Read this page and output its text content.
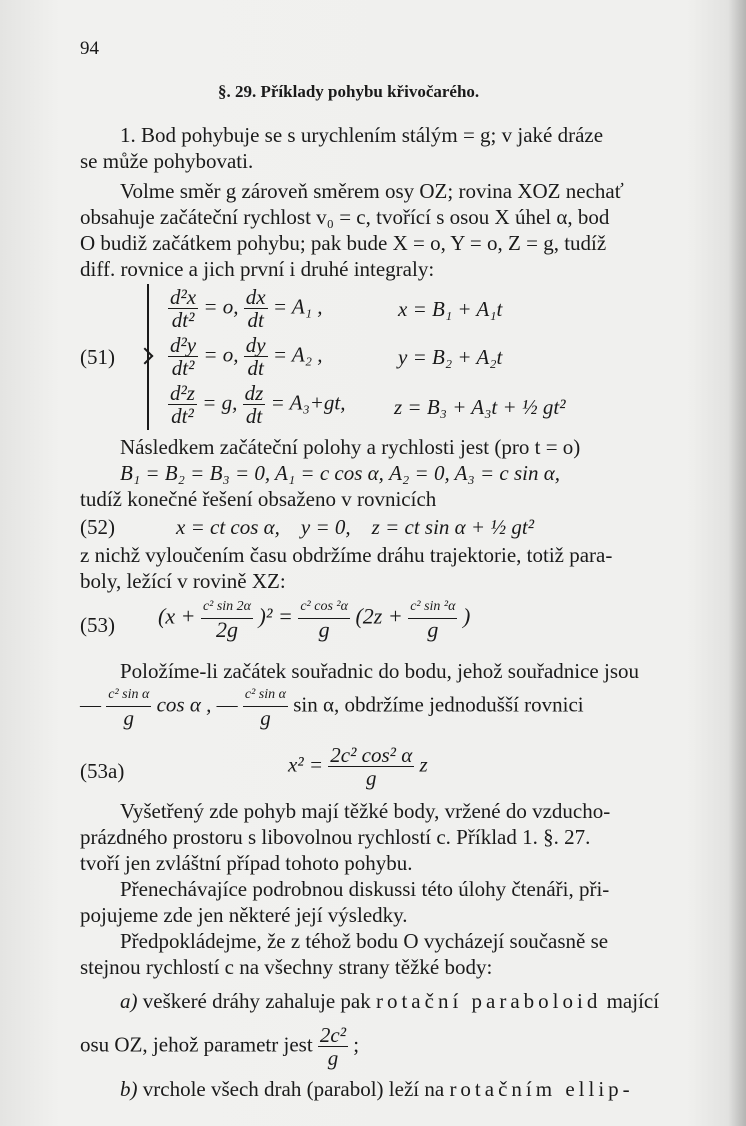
94
§. 29. Příklady pohybu křivočarého.
1. Bod pohybuje se s urychlením stálým = g; v jaké dráze
se může pohybovati.
Volme směr g zároveň směrem osy OZ; rovina XOZ nechať
obsahuje začáteční rychlost v₀ = c, tvořící s osou X úhel α, bod
O budiž začátkem pohybu; pak bude X = o, Y = o, Z = g, tudíž
diff. rovnice a jich první i druhé integraly:
(51)
$\frac{\text{d²x}}{\text{dt²}} = o$, $\frac{dx}{dt} = A_1$ ,	x = B₁ + A₁t
$\frac{\text{d²y}}{\text{dt²}} = o$, $\frac{dy}{dt} = A_2$ ,	y = B₂ + A₂t
$\frac{\text{d²z}}{\text{dt²}} = g$, $\frac{dz}{dt} = A_3+gt$, z = B₃ + A₃t + ½ gt²
Následkem začáteční polohy a rychlosti jest (pro t = o)
B₁ = B₂ = B₃ = 0, A₁ = c cos α, A₂ = 0, A₃ = c sin α,
tudíž konečné řešení obsaženo v rovnicích
(52)	x = ct cos α,    y = 0,    z = ct sin α + ½ gt²
z nichž vyloučením času obdržíme dráhu trajektorie, totiž para-
boly, ležící v rovině XZ:
(53) $(x + \frac{\text{c² sin 2α}}{2g} )^2 = \frac{\text{c² cos ²α}}{g} (2z + \frac{\text{c² sin ²α}}{g}$ )
Položíme-li začátek souřadnic do bodu, jehož souřadnice jsou
— $\frac{\text{c² sin α}}{g}$ cos α , — $\frac{\text{c² sin α}}{g}$ sin α, obdržíme jednodušší rovnici
(53a)	$x^2 = \frac{\text{2c² cos² α}}{g}$ z
Vyšetřený zde pohyb mají těžké body, vržené do vzducho-
prázdného prostoru s libovolnou rychlostí c. Příklad 1. §. 27.
tvoří jen zvláštní případ tohoto pohybu.
Přenechávajíce podrobnou diskussi této úlohy čtenáři, při-
pojujeme zde jen některé její výsledky.
Předpokládejme, že z téhož bodu O vycházejí současně se
stejnou rychlostí c na všechny strany těžké body:
a) veškeré dráhy zahaluje pak rotační paraboloid mající
osu OZ, jehož parametr jest $\frac{\text{2c²}}{g}$ ;
b) vrchole všech drah (parabol) leží na rotačním ellip-
